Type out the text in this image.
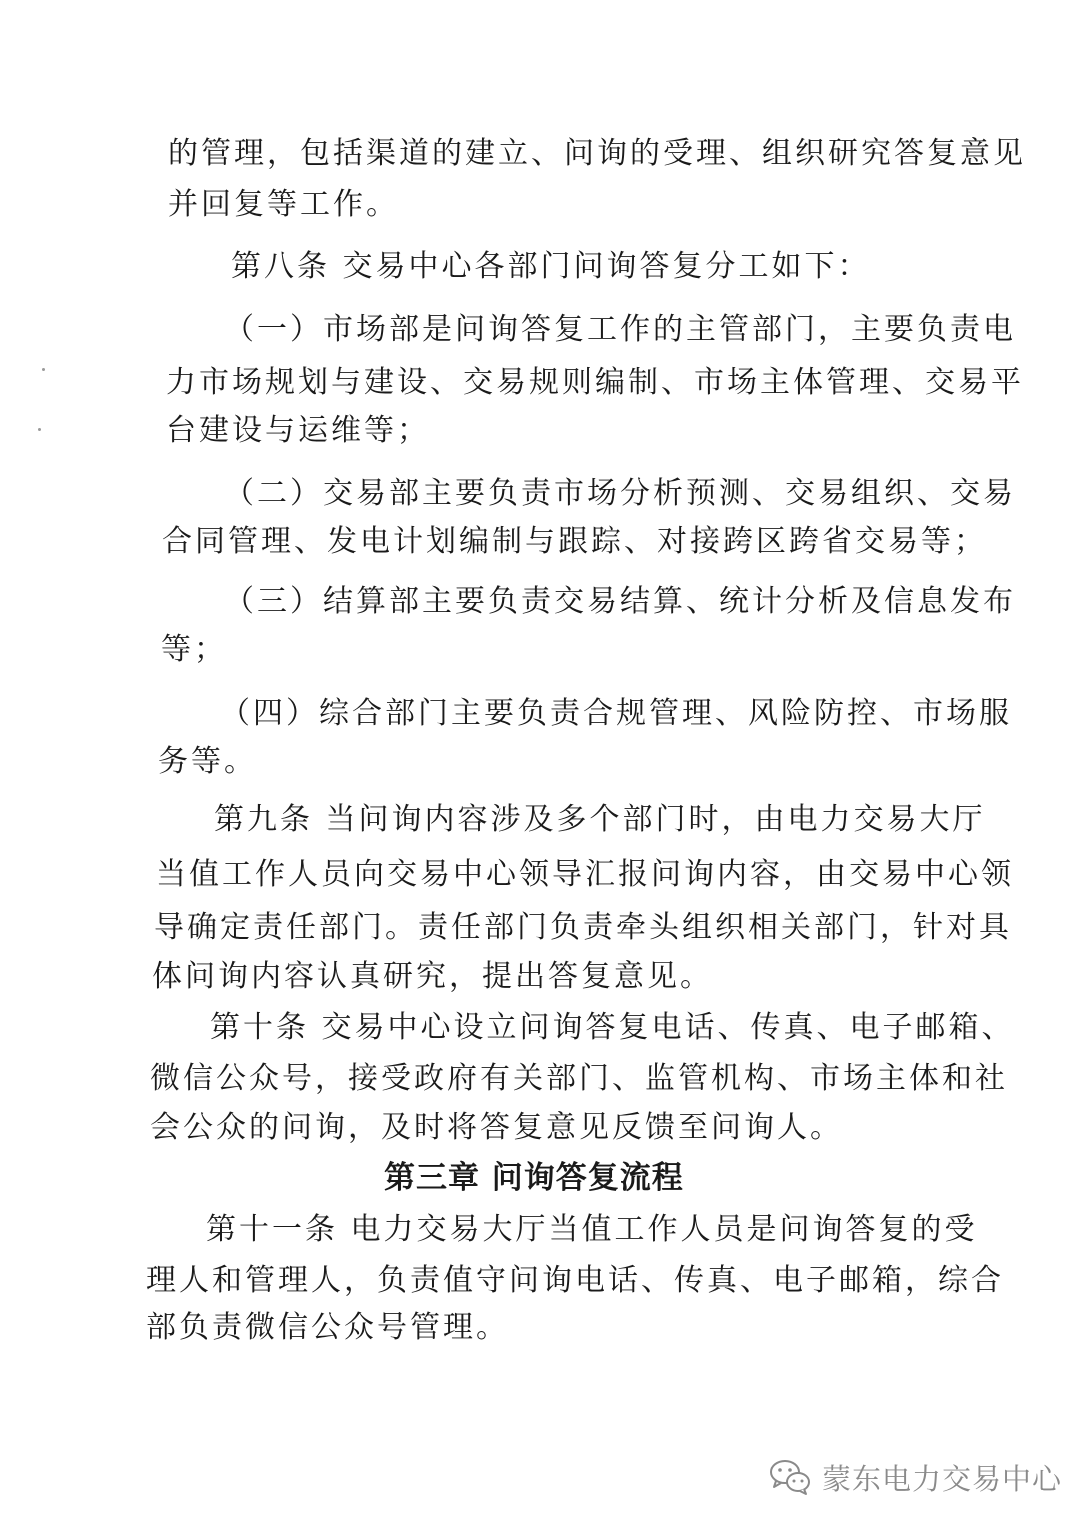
的管理，包括渠道的建立、问询的受理、组织研究答复意见
并回复等工作。
第八条 交易中心各部门问询答复分工如下：
（一）市场部是问询答复工作的主管部门，主要负责电
力市场规划与建设、交易规则编制、市场主体管理、交易平
台建设与运维等；
（二）交易部主要负责市场分析预测、交易组织、交易
合同管理、发电计划编制与跟踪、对接跨区跨省交易等；
（三）结算部主要负责交易结算、统计分析及信息发布
等；
（四）综合部门主要负责合规管理、风险防控、市场服
务等。
第九条 当问询内容涉及多个部门时，由电力交易大厅
当值工作人员向交易中心领导汇报问询内容，由交易中心领
导确定责任部门。责任部门负责牵头组织相关部门，针对具
体问询内容认真研究，提出答复意见。
第十条 交易中心设立问询答复电话、传真、电子邮箱、
微信公众号，接受政府有关部门、监管机构、市场主体和社
会公众的问询，及时将答复意见反馈至问询人。
第三章 问询答复流程
第十一条 电力交易大厅当值工作人员是问询答复的受
理人和管理人，负责值守问询电话、传真、电子邮箱，综合
部负责微信公众号管理。
蒙东电力交易中心
